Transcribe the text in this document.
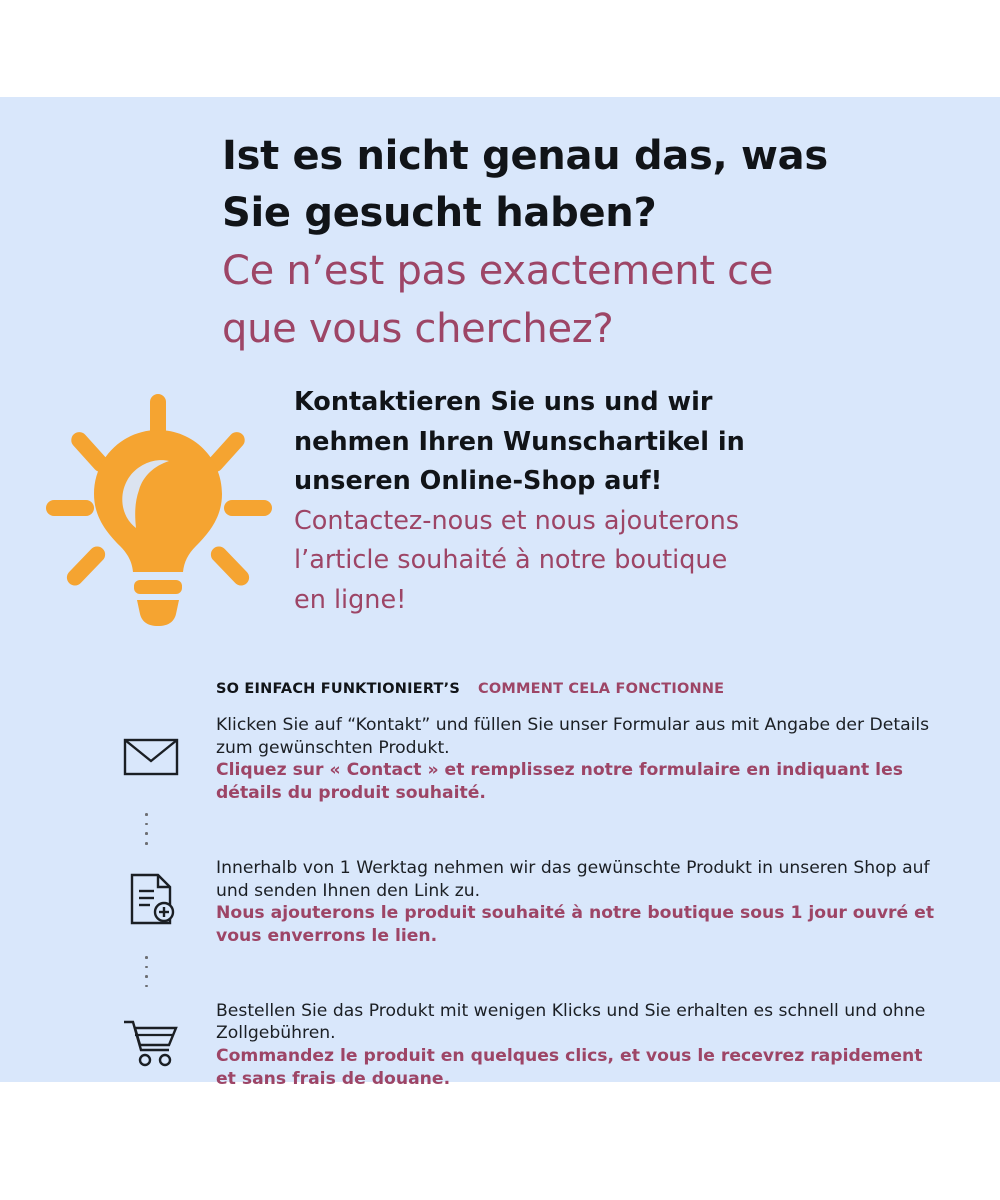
Ist es nicht genau das, was
Sie gesucht haben?
Ce n’est pas exactement ce
que vous cherchez?
Kontaktieren Sie uns und wir
nehmen Ihren Wunschartikel in
unseren Online-Shop auf!
Contactez-nous et nous ajouterons
l’article souhaité à notre boutique
en ligne!
SO EINFACH FUNKTIONIERT’S COMMENT CELA FONCTIONNE
Klicken Sie auf “Kontakt” und füllen Sie unser Formular aus mit Angabe der Details zum gewünschten Produkt.
Cliquez sur « Contact » et remplissez notre formulaire en indiquant les détails du produit souhaité.
Innerhalb von 1 Werktag nehmen wir das gewünschte Produkt in unseren Shop auf und senden Ihnen den Link zu.
Nous ajouterons le produit souhaité à notre boutique sous 1 jour ouvré et vous enverrons le lien.
Bestellen Sie das Produkt mit wenigen Klicks und Sie erhalten es schnell und ohne Zollgebühren.
Commandez le produit en quelques clics, et vous le recevrez rapidement et sans frais de douane.
